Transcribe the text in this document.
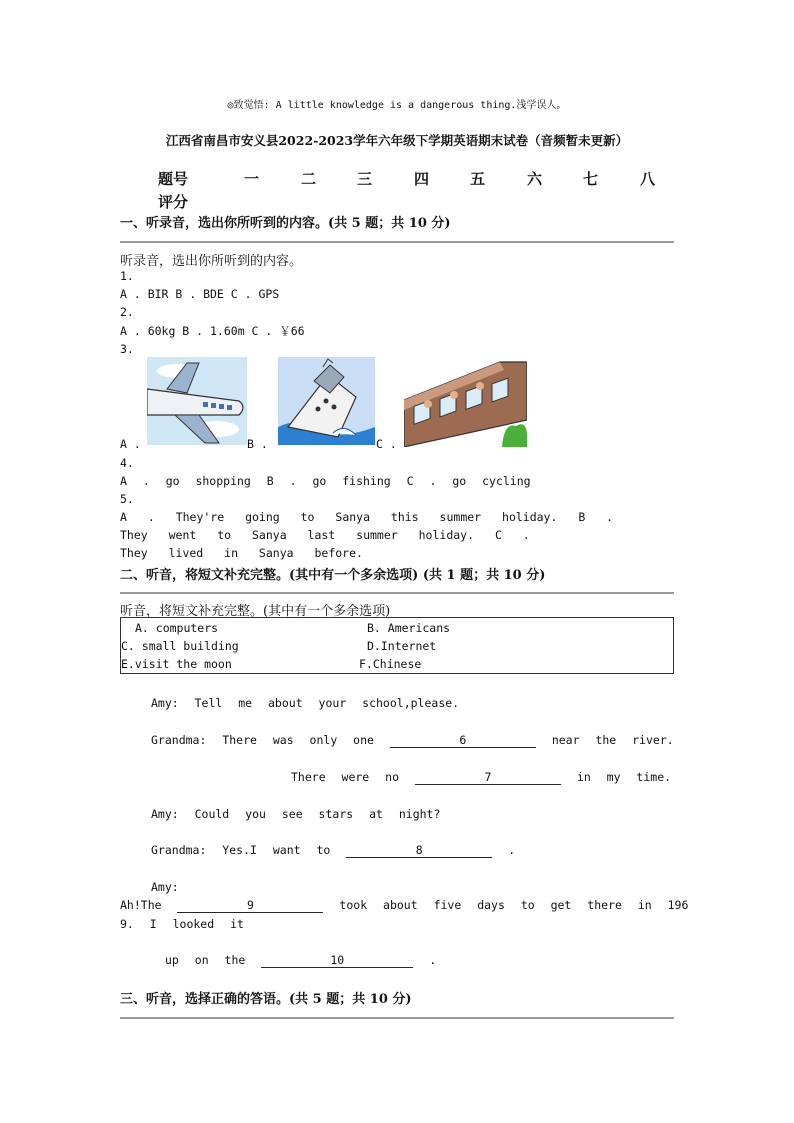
◎致觉悟: A little knowledge is a dangerous thing.浅学误人。
江西省南昌市安义县2022-2023学年六年级下学期英语期末试卷（音频暂未更新）
题号	一	二	三	四	五	六	七	八
评分
一、听录音，选出你所听到的内容。(共 5 题；共 10 分)
听录音，选出你所听到的内容。
1.
A . BIR B . BDE C . GPS
2.
A . 60kg B . 1.60m C . ￥66
3.
A .	B .	C .
4.
A . go shopping B . go fishing C . go cycling
5.
A . They're going to Sanya this summer holiday. B .
They went to Sanya last summer holiday. C .
They lived in Sanya before.
二、听音，将短文补充完整。(其中有一个多余选项) (共 1 题；共 10 分)
听音，将短文补充完整。(其中有一个多余选项)
A. computers	B. Americans
C. small building	D.Internet
E.visit the moon	F.Chinese
Amy: Tell me about your school,please.
Grandma: There was only one	6	near the river.
There were no	7	in my time.
Amy: Could you see stars at night?
Grandma: Yes.I want to	8	.
Amy:
Ah!The	9	took about five days to get there in 196
9. I looked it
up on the	10	.
三、听音，选择正确的答语。(共 5 题；共 10 分)
